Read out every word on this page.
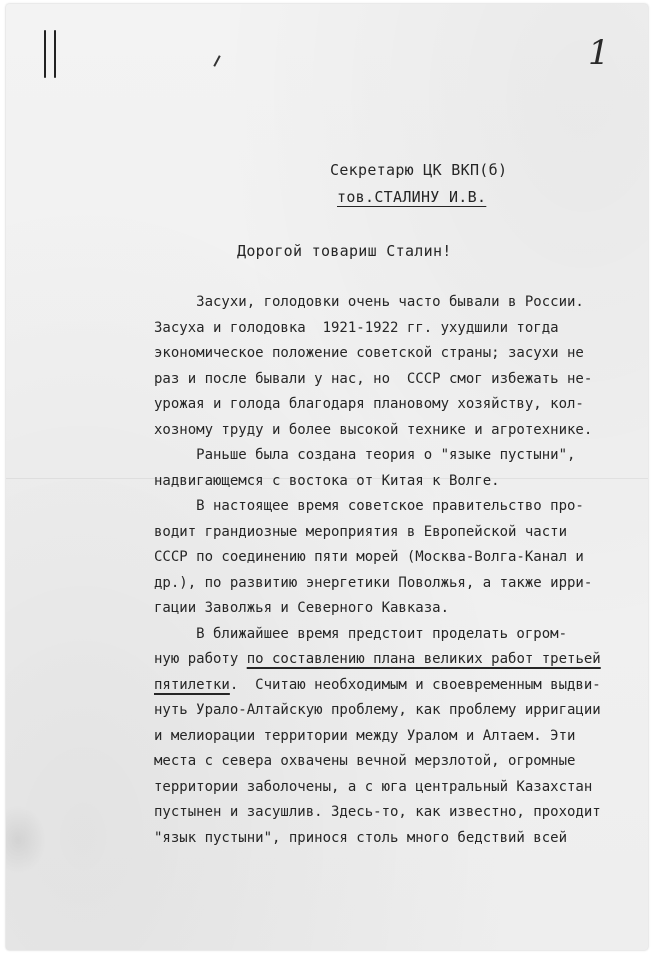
1
Секретарю ЦК ВКП(б)
тов.СТАЛИНУ И.В.
Дорогой товариш Сталин!
Засухи, голодовки очень часто бывали в России.
Засуха и голодовка  1921-1922 гг. ухудшили тогда
экономическое положение советской страны; засухи не
раз и после бывали у нас, но  СССР смог избежать не-
урожая и голода благодаря плановому хозяйству, кол-
хозному труду и более высокой технике и агротехнике.
Раньше была создана теория о "языке пустыни",
надвигающемся с востока от Китая к Волге.
В настоящее время советское правительство про-
водит грандиозные мероприятия в Европейской части
СССР по соединению пяти морей (Москва-Волга-Канал и
др.), по развитию энергетики Поволжья, а также ирри-
гации Заволжья и Северного Кавказа.
В ближайшее время предстоит проделать огром-
ную работу по составлению плана великих работ третьей
пятилетки.  Считаю необходимым и своевременным выдви-
нуть Урало-Алтайскую проблему, как проблему ирригации
и мелиорации территории между Уралом и Алтаем. Эти
места с севера охвачены вечной мерзлотой, огромные
территории заболочены, а с юга центральный Казахстан
пустынен и засушлив. Здесь-то, как известно, проходит
"язык пустыни", принося столь много бедствий всей
